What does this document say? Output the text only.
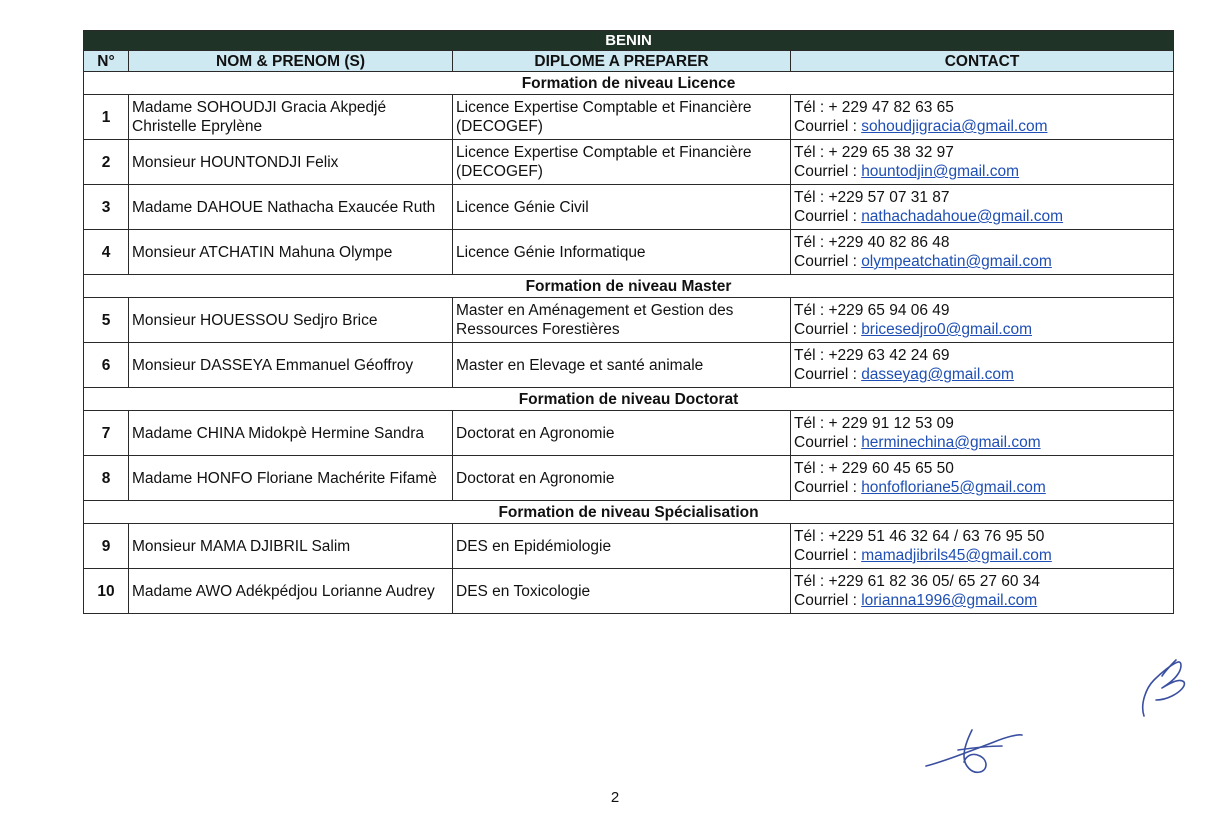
BENIN			
N°	NOM & PRENOM (S)	DIPLOME A PREPARER	CONTACT
Formation de niveau Licence			
1	Madame SOHOUDJI Gracia Akpedjé Christelle Eprylène	Licence Expertise Comptable et Financière (DECOGEF)	Tél : + 229 47 82 63 65
Courriel : sohoudjigracia@gmail.com

2	Monsieur HOUNTONDJI Felix	Licence Expertise Comptable et Financière (DECOGEF)	Tél : + 229 65 38 32 97
Courriel : hountodjin@gmail.com

3	Madame DAHOUE Nathacha Exaucée Ruth	Licence Génie Civil	Tél : +229 57 07 31 87
Courriel : nathachadahoue@gmail.com

4	Monsieur ATCHATIN Mahuna Olympe	Licence Génie Informatique	Tél : +229 40 82 86 48
Courriel : olympeatchatin@gmail.com

Formation de niveau Master			
5	Monsieur HOUESSOU Sedjro Brice	Master en Aménagement et Gestion des Ressources Forestières	Tél : +229 65 94 06 49
Courriel : bricesedjro0@gmail.com

6	Monsieur DASSEYA Emmanuel Géoffroy	Master en Elevage et santé animale	Tél : +229 63 42 24 69
Courriel : dasseyag@gmail.com

Formation de niveau Doctorat			
7	Madame CHINA Midokpè Hermine Sandra	Doctorat en Agronomie	Tél : + 229 91 12 53 09
Courriel : herminechina@gmail.com

8	Madame HONFO Floriane Machérite Fifamè	Doctorat en Agronomie	Tél : + 229 60 45 65 50
Courriel : honfofloriane5@gmail.com

Formation de niveau Spécialisation			
9	Monsieur MAMA DJIBRIL Salim	DES en Epidémiologie	Tél : +229 51 46 32 64 / 63 76 95 50
Courriel : mamadjibrils45@gmail.com

10	Madame AWO Adékpédjou Lorianne Audrey	DES en Toxicologie	Tél : +229 61 82 36 05/ 65 27 60 34
Courriel : lorianna1996@gmail.com
2
